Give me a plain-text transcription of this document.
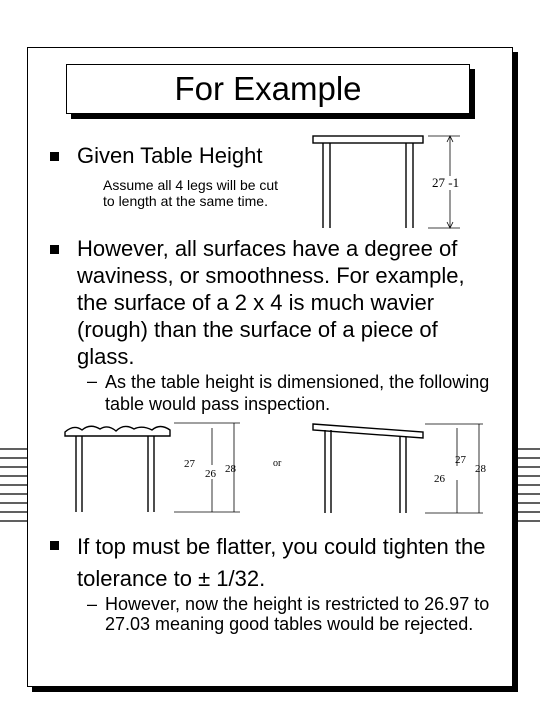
For Example
Given Table Height
Assume all 4 legs will be cut to length at the same time.
27 -1
However, all surfaces have a degree of waviness, or smoothness. For example, the surface of a 2 x 4 is much wavier (rough) than the surface of a piece of glass.
– As the table height is dimensioned, the following table would pass inspection.
27
26 28	or	27
26
28
If top must be flatter, you could tighten the tolerance to ± 1/32.
– However, now the height is restricted to 26.97 to 27.03 meaning good tables would be rejected.
